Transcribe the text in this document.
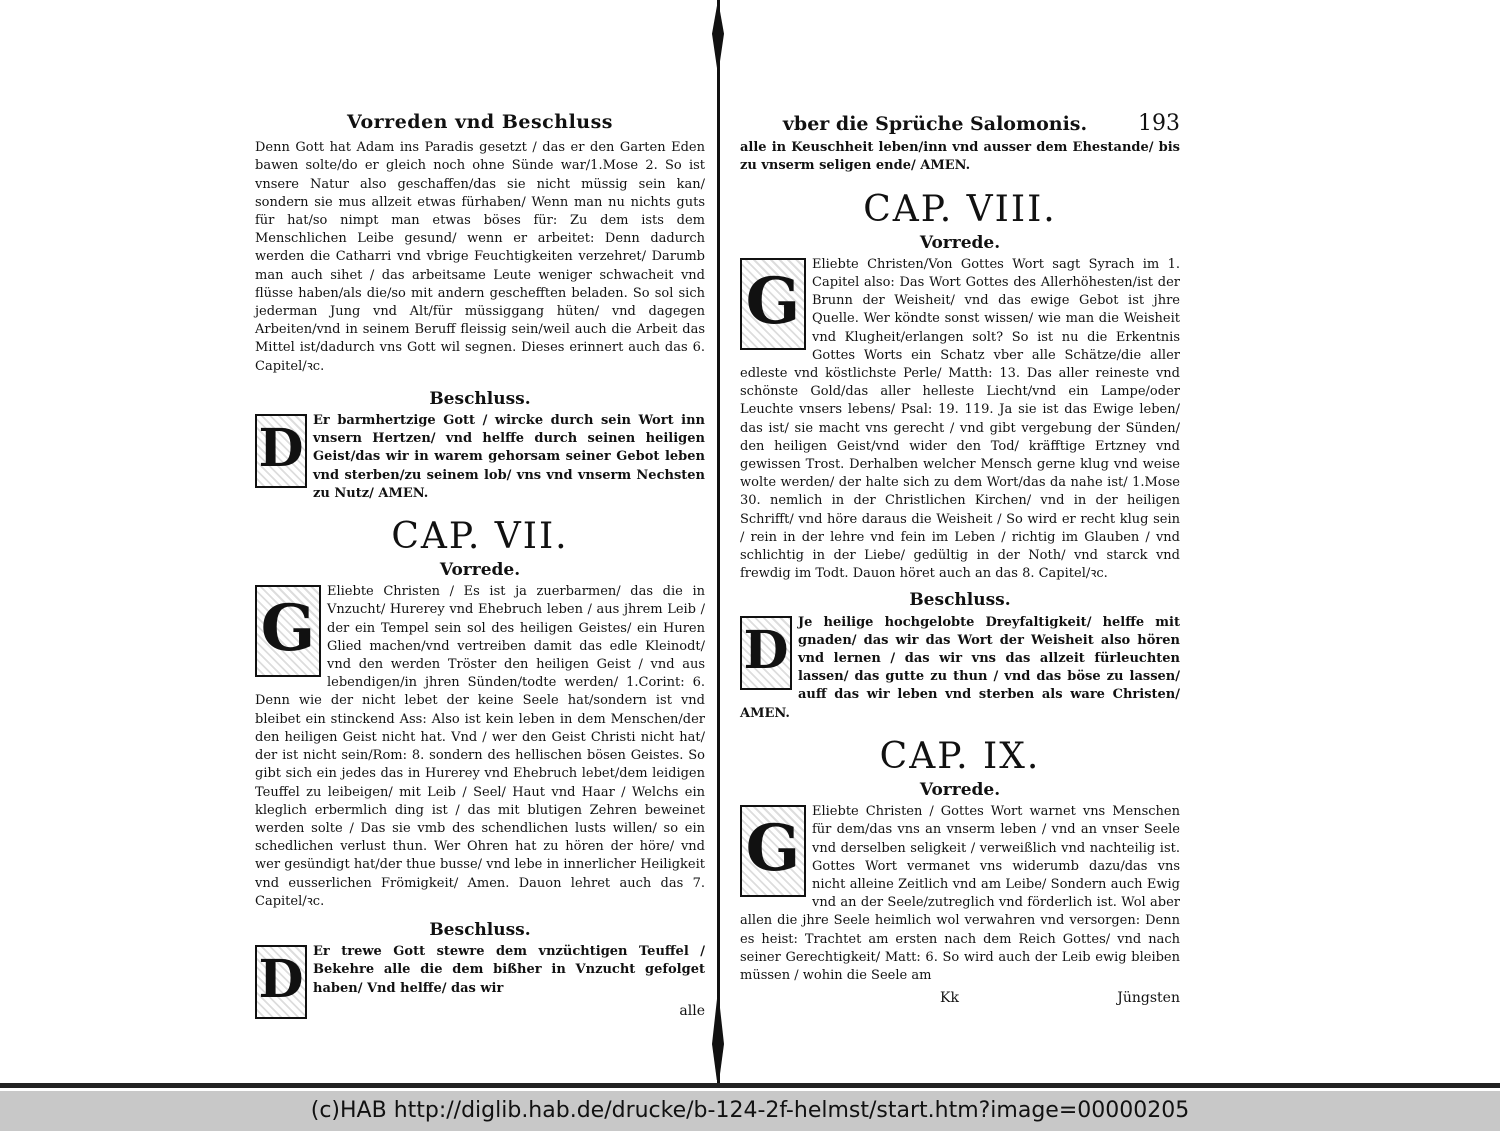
Vorreden vnd Beschluss

Denn Gott hat Adam ins Paradis gesetzt / das er den Garten Eden bawen solte/do er gleich noch ohne Sünde war/1.Mose 2. So ist vnsere Natur also geschaffen/das sie nicht müssig sein kan/ sondern sie mus allzeit etwas fürhaben/ Wenn man nu nichts guts für hat/so nimpt man etwas böses für: Zu dem ists dem Menschlichen Leibe gesund/ wenn er arbeitet: Denn dadurch werden die Catharri vnd vbrige Feuchtigkeiten verzehret/ Darumb man auch sihet / das arbeitsame Leute weniger schwacheit vnd flüsse haben/als die/so mit andern geschefften beladen. So sol sich jederman Jung vnd Alt/für müssiggang hüten/ vnd dagegen Arbeiten/vnd in seinem Beruff fleissig sein/weil auch die Arbeit das Mittel ist/dadurch vns Gott wil segnen. Dieses erinnert auch das 6. Capitel/ꝛc.

Beschluss.

D Er barmhertzige Gott / wircke durch sein Wort inn vnsern Hertzen/ vnd helffe durch seinen heiligen Geist/das wir in warem gehorsam seiner Gebot leben vnd sterben/zu seinem lob/ vns vnd vnserm Nechsten zu Nutz/ AMEN.

CAP. VII.
Vorrede.

G Eliebte Christen / Es ist ja zuerbarmen/ das die in Vnzucht/ Hurerey vnd Ehebruch leben / aus jhrem Leib / der ein Tempel sein sol des heiligen Geistes/ ein Huren Glied machen/vnd vertreiben damit das edle Kleinodt/ vnd den werden Tröster den heiligen Geist / vnd aus lebendigen/in jhren Sünden/todte werden/ 1.Corint: 6. Denn wie der nicht lebet der keine Seele hat/sondern ist vnd bleibet ein stinckend Ass: Also ist kein leben in dem Menschen/der den heiligen Geist nicht hat. Vnd / wer den Geist Christi nicht hat/ der ist nicht sein/Rom: 8. sondern des hellischen bösen Geistes. So gibt sich ein jedes das in Hurerey vnd Ehebruch lebet/dem leidigen Teuffel zu leibeigen/ mit Leib / Seel/ Haut vnd Haar / Welchs ein kleglich erbermlich ding ist / das mit blutigen Zehren beweinet werden solte / Das sie vmb des schendlichen lusts willen/ so ein schedlichen verlust thun. Wer Ohren hat zu hören der höre/ vnd wer gesündigt hat/der thue busse/ vnd lebe in innerlicher Heiligkeit vnd eusserlichen Frömigkeit/ Amen. Dauon lehret auch das 7. Capitel/ꝛc.

Beschluss.

D Er trewe Gott stewre dem vnzüchtigen Teuffel / Bekehre alle die dem bißher in Vnzucht gefolget haben/ Vnd helffe/ das wir

alle
vber die Sprüche Salomonis.	193

alle in Keuschheit leben/inn vnd ausser dem Ehestande/ bis zu vnserm seligen ende/ AMEN.

CAP. VIII.
Vorrede.

G Eliebte Christen/Von Gottes Wort sagt Syrach im 1. Capitel also: Das Wort Gottes des Allerhöhesten/ist der Brunn der Weisheit/ vnd das ewige Gebot ist jhre Quelle. Wer köndte sonst wissen/ wie man die Weisheit vnd Klugheit/erlangen solt? So ist nu die Erkentnis Gottes Worts ein Schatz vber alle Schätze/die aller edleste vnd köstlichste Perle/ Matth: 13. Das aller reineste vnd schönste Gold/das aller helleste Liecht/vnd ein Lampe/oder Leuchte vnsers lebens/ Psal: 19. 119. Ja sie ist das Ewige leben/ das ist/ sie macht vns gerecht / vnd gibt vergebung der Sünden/ den heiligen Geist/vnd wider den Tod/ kräfftige Ertzney vnd gewissen Trost. Derhalben welcher Mensch gerne klug vnd weise wolte werden/ der halte sich zu dem Wort/das da nahe ist/ 1.Mose 30. nemlich in der Christlichen Kirchen/ vnd in der heiligen Schrifft/ vnd höre daraus die Weisheit / So wird er recht klug sein / rein in der lehre vnd fein im Leben / richtig im Glauben / vnd schlichtig in der Liebe/ gedültig in der Noth/ vnd starck vnd frewdig im Todt. Dauon höret auch an das 8. Capitel/ꝛc.

Beschluss.

D Je heilige hochgelobte Dreyfaltigkeit/ helffe mit gnaden/ das wir das Wort der Weisheit also hören vnd lernen / das wir vns das allzeit fürleuchten lassen/ das gutte zu thun / vnd das böse zu lassen/ auff das wir leben vnd sterben als ware Christen/ AMEN.

CAP. IX.
Vorrede.

G Eliebte Christen / Gottes Wort warnet vns Menschen für dem/das vns an vnserm leben / vnd an vnser Seele vnd derselben seligkeit / verweißlich vnd nachteilig ist. Gottes Wort vermanet vns widerumb dazu/das vns nicht alleine Zeitlich vnd am Leibe/ Sondern auch Ewig vnd an der Seele/zutreglich vnd förderlich ist. Wol aber allen die jhre Seele heimlich wol verwahren vnd versorgen: Denn es heist: Trachtet am ersten nach dem Reich Gottes/ vnd nach seiner Gerechtigkeit/ Matt: 6. So wird auch der Leib ewig bleiben müssen / wohin die Seele am

Kk	Jüngsten
(c)HAB http://diglib.hab.de/drucke/b-124-2f-helmst/start.htm?image=00000205
